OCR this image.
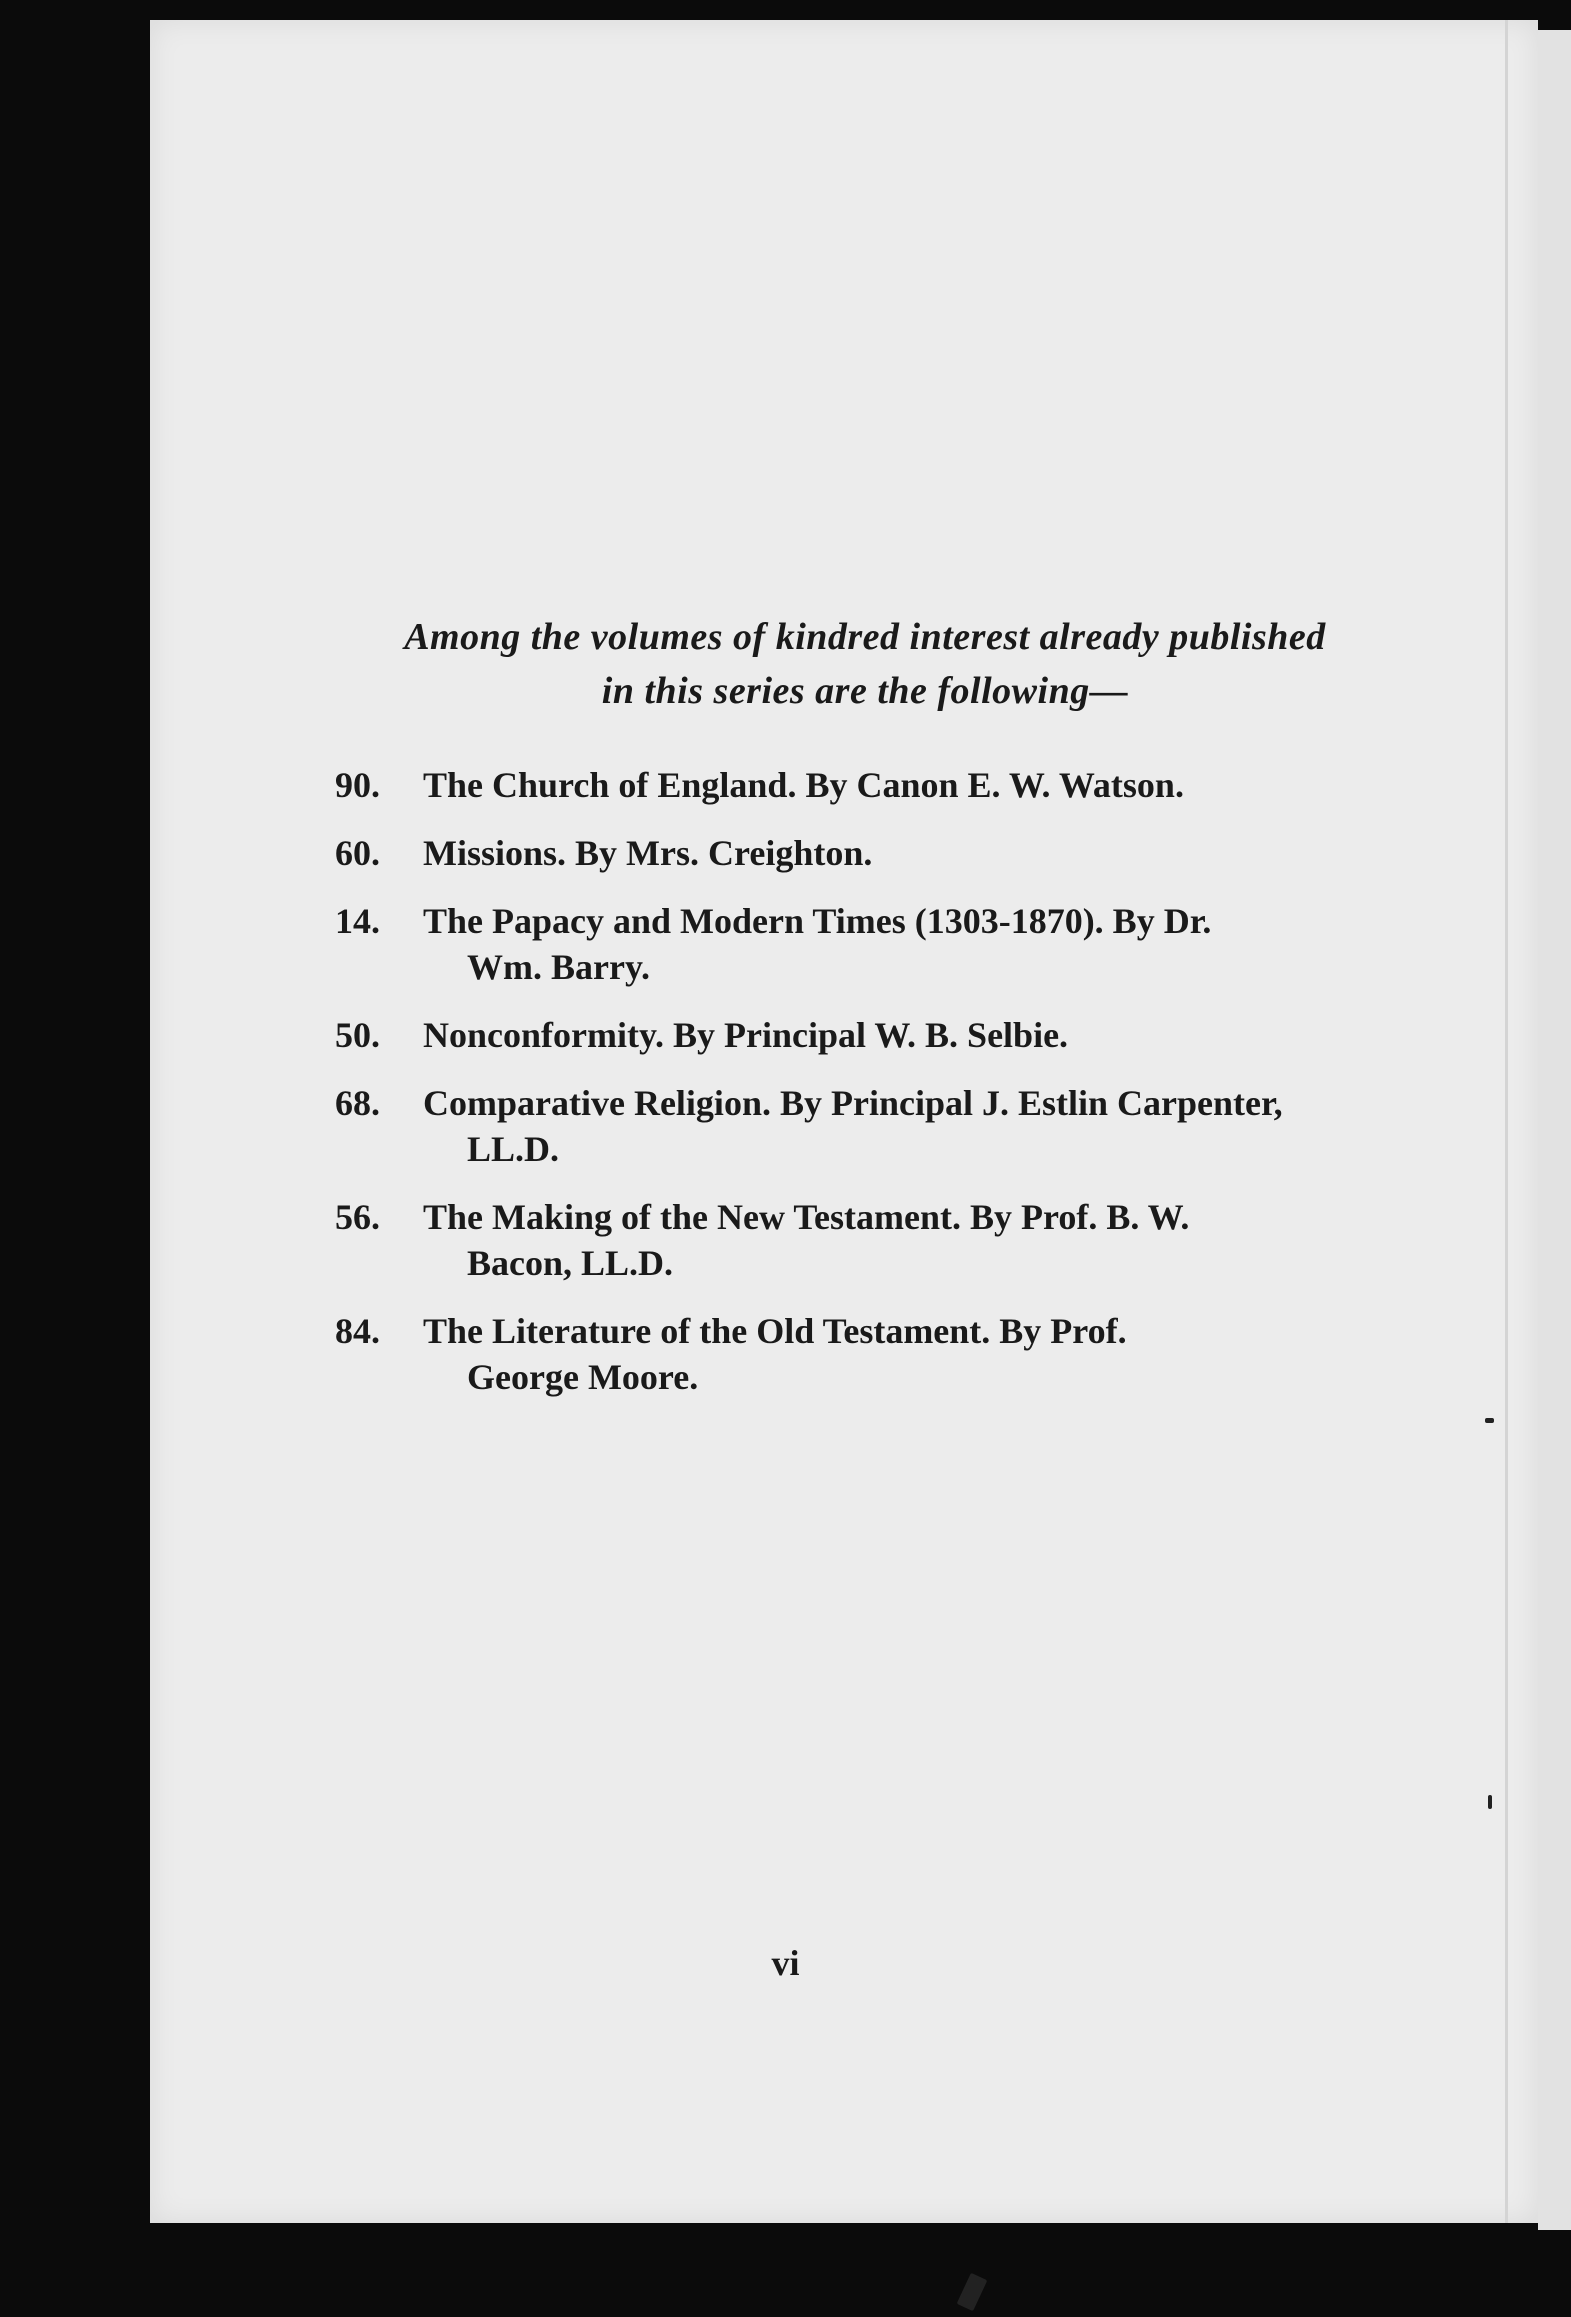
Among the volumes of kindred interest already published
in this series are the following—
90.	The Church of England. By Canon E. W. Watson.
60.	Missions. By Mrs. Creighton.
14.	The Papacy and Modern Times (1303-1870). By Dr.
Wm. Barry.
50.	Nonconformity. By Principal W. B. Selbie.
68.	Comparative Religion. By Principal J. Estlin Carpenter,
LL.D.
56.	The Making of the New Testament. By Prof. B. W.
Bacon, LL.D.
84.	The Literature of the Old Testament. By Prof.
George Moore.
vi
